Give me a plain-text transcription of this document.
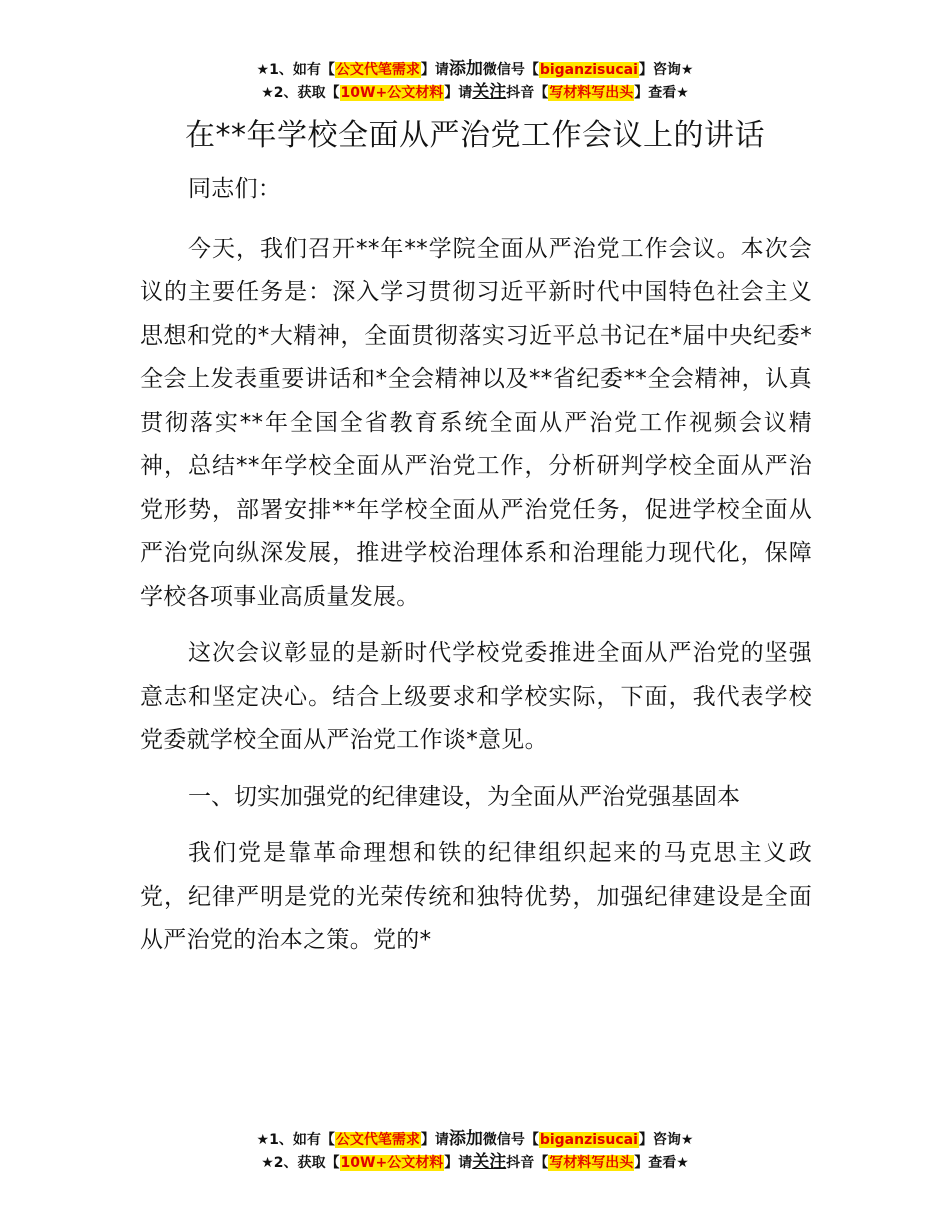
★1、如有【公文代笔需求】请添加微信号【biganzisucai】咨询★
★2、获取【10W+公文材料】请关注抖音【写材料写出头】查看★
在**年学校全面从严治党工作会议上的讲话

同志们：

今天，我们召开**年**学院全面从严治党工作会议。本次会议的主要任务是：深入学习贯彻习近平新时代中国特色社会主义思想和党的*大精神，全面贯彻落实习近平总书记在*届中央纪委*全会上发表重要讲话和*全会精神以及**省纪委**全会精神，认真贯彻落实**年全国全省教育系统全面从严治党工作视频会议精神，总结**年学校全面从严治党工作，分析研判学校全面从严治党形势，部署安排**年学校全面从严治党任务，促进学校全面从严治党向纵深发展，推进学校治理体系和治理能力现代化，保障学校各项事业高质量发展。

这次会议彰显的是新时代学校党委推进全面从严治党的坚强意志和坚定决心。结合上级要求和学校实际，下面，我代表学校党委就学校全面从严治党工作谈*意见。

一、切实加强党的纪律建设，为全面从严治党强基固本

我们党是靠革命理想和铁的纪律组织起来的马克思主义政党，纪律严明是党的光荣传统和独特优势，加强纪律建设是全面从严治党的治本之策。党的*

★1、如有【公文代笔需求】请添加微信号【biganzisucai】咨询★
★2、获取【10W+公文材料】请关注抖音【写材料写出头】查看★
